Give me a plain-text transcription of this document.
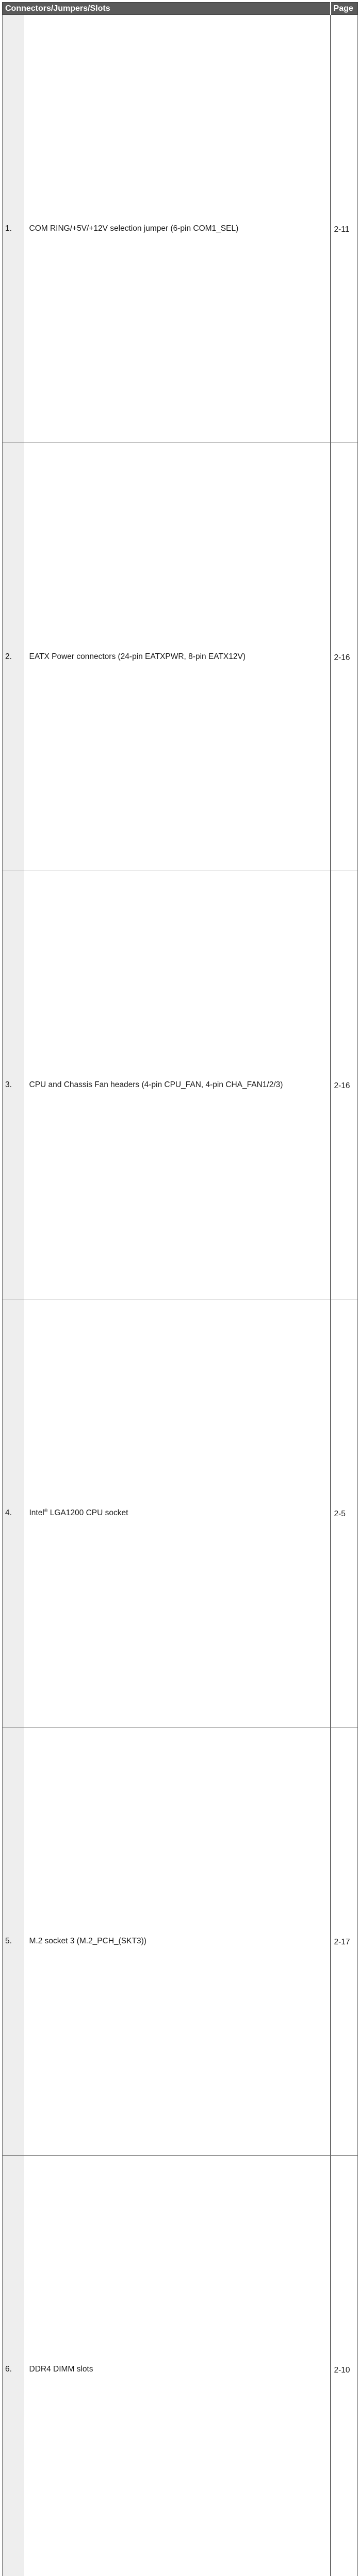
Connectors/Jumpers/Slots		Page
1.	COM RING/+5V/+12V selection jumper (6-pin COM1_SEL)	2-11
2.	EATX Power connectors (24-pin EATXPWR, 8-pin EATX12V)	2-16
3.	CPU and Chassis Fan headers (4-pin CPU_FAN, 4-pin CHA_FAN1/2/3)	2-16
4.	Intel® LGA1200 CPU socket	2-5
5.	M.2 socket 3 (M.2_PCH_(SKT3))	2-17
6.	DDR4 DIMM slots	2-10
